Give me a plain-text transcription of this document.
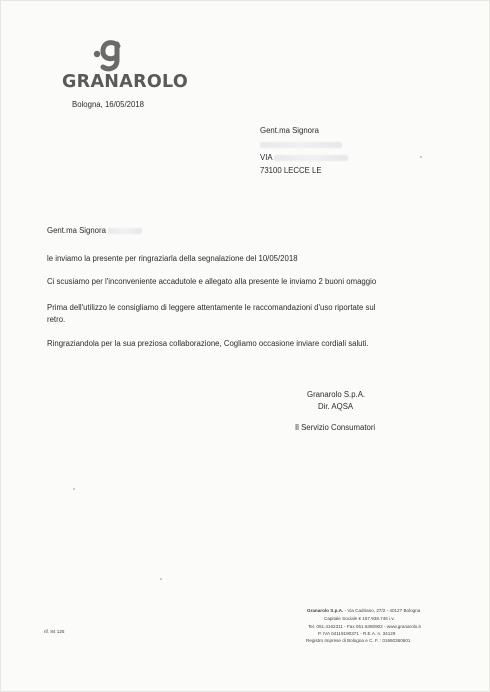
GRANAROLO
Bologna, 16/05/2018
Gent.ma Signora
VIA
73100 LECCE LE
Gent.ma Signora
le inviamo la presente per ringraziarla della segnalazione del 10/05/2018
Ci scusiamo per l'inconveniente accadutole e allegato alla presente le inviamo 2 buoni omaggio
Prima dell'utilizzo le consigliamo di leggere attentamente le raccomandazioni d'uso riportate sul
retro.
Ringraziandola per la sua preziosa collaborazione, Cogliamo occasione inviare cordiali saluti.
Granarolo S.p.A.
Dir. AQSA
Il Servizio Consumatori
rif. 84 125
Granarolo S.p.A. - Via Cadriano, 27/2 - 40127 Bologna
Capitale Sociale € 157.938.746 i.v.
Tel. 051.4162311 - Fax 051.6380902 - www.granarolo.it
P. IVA 04119190371 - R.E.A. n. 34129
Registro Imprese di Bologna e C. F. : 01660360601
